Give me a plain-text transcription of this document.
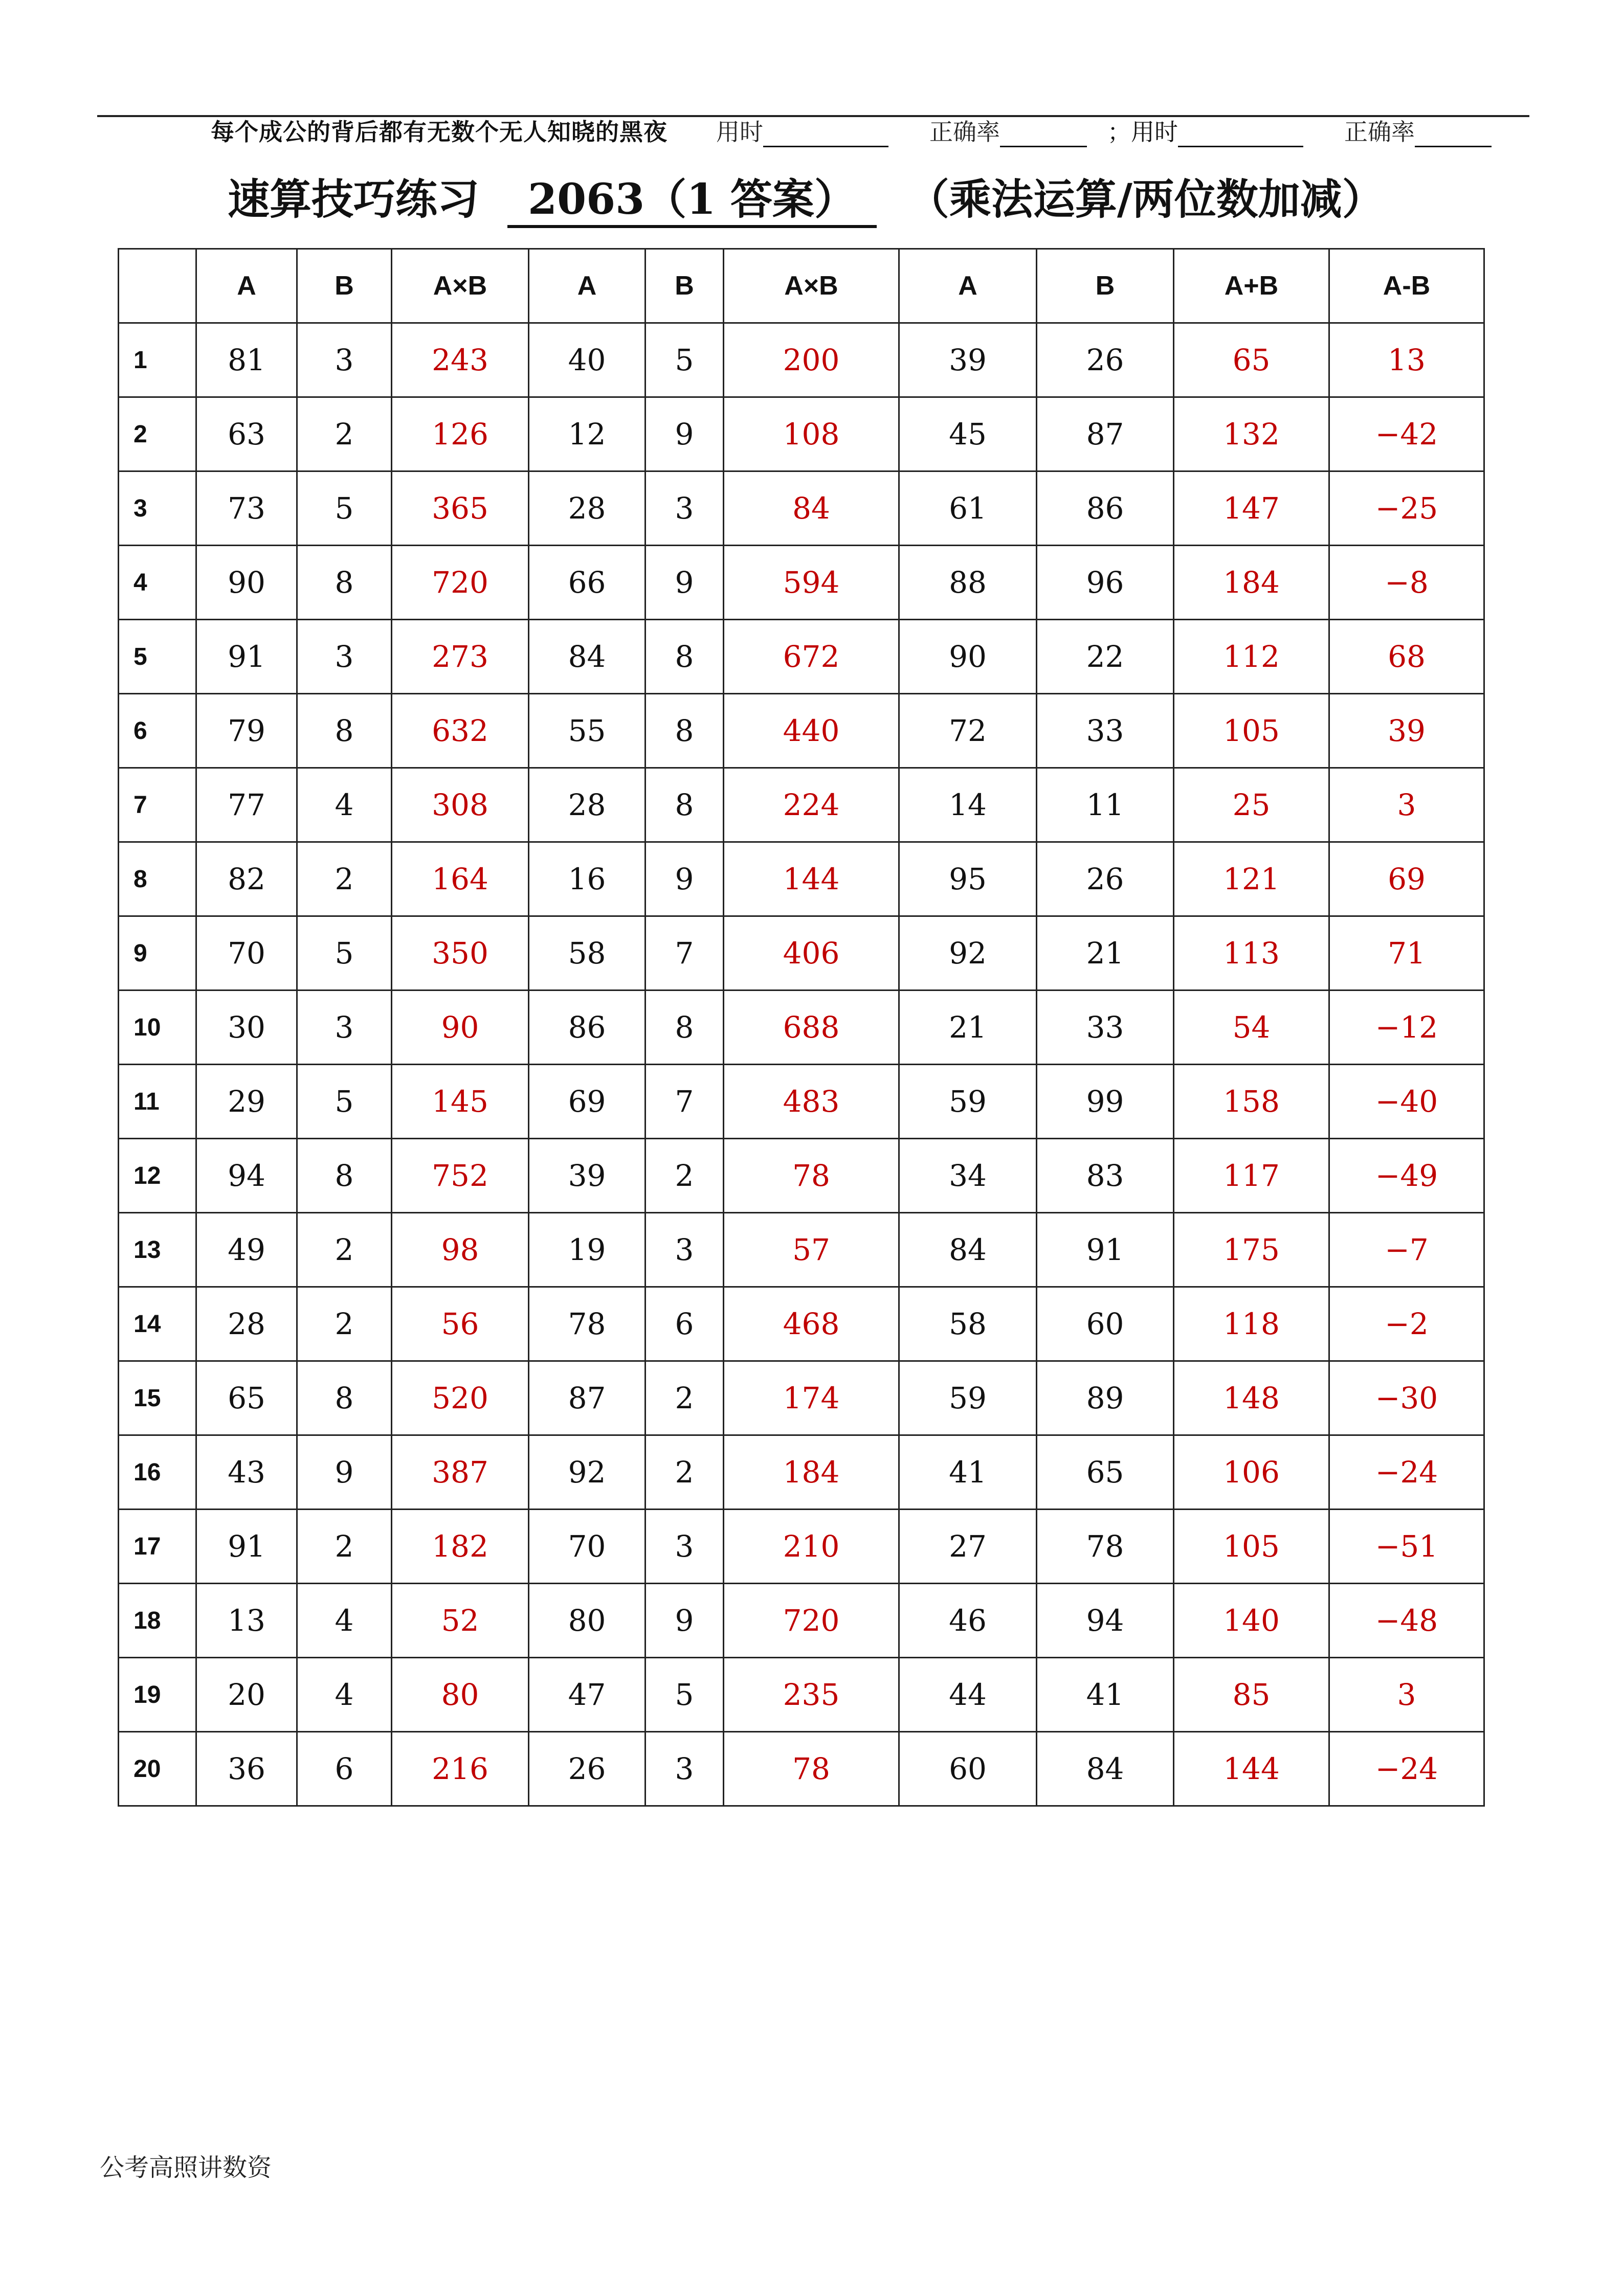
每个成公的背后都有无数个无人知晓的黑夜 用时	正确率	；用时	正确率
速算技巧练习 2063（1 答案） （乘法运算/两位数加减）
	A	B	A×B	A	B	A×B	A	B	A+B	A-B
1	81	3	243	40	5	200	39	26	65	13
2	63	2	126	12	9	108	45	87	132	−42
3	73	5	365	28	3	84	61	86	147	−25
4	90	8	720	66	9	594	88	96	184	−8
5	91	3	273	84	8	672	90	22	112	68
6	79	8	632	55	8	440	72	33	105	39
7	77	4	308	28	8	224	14	11	25	3
8	82	2	164	16	9	144	95	26	121	69
9	70	5	350	58	7	406	92	21	113	71
10	30	3	90	86	8	688	21	33	54	−12
11	29	5	145	69	7	483	59	99	158	−40
12	94	8	752	39	2	78	34	83	117	−49
13	49	2	98	19	3	57	84	91	175	−7
14	28	2	56	78	6	468	58	60	118	−2
15	65	8	520	87	2	174	59	89	148	−30
16	43	9	387	92	2	184	41	65	106	−24
17	91	2	182	70	3	210	27	78	105	−51
18	13	4	52	80	9	720	46	94	140	−48
19	20	4	80	47	5	235	44	41	85	3
20	36	6	216	26	3	78	60	84	144	−24
公考高照讲数资
